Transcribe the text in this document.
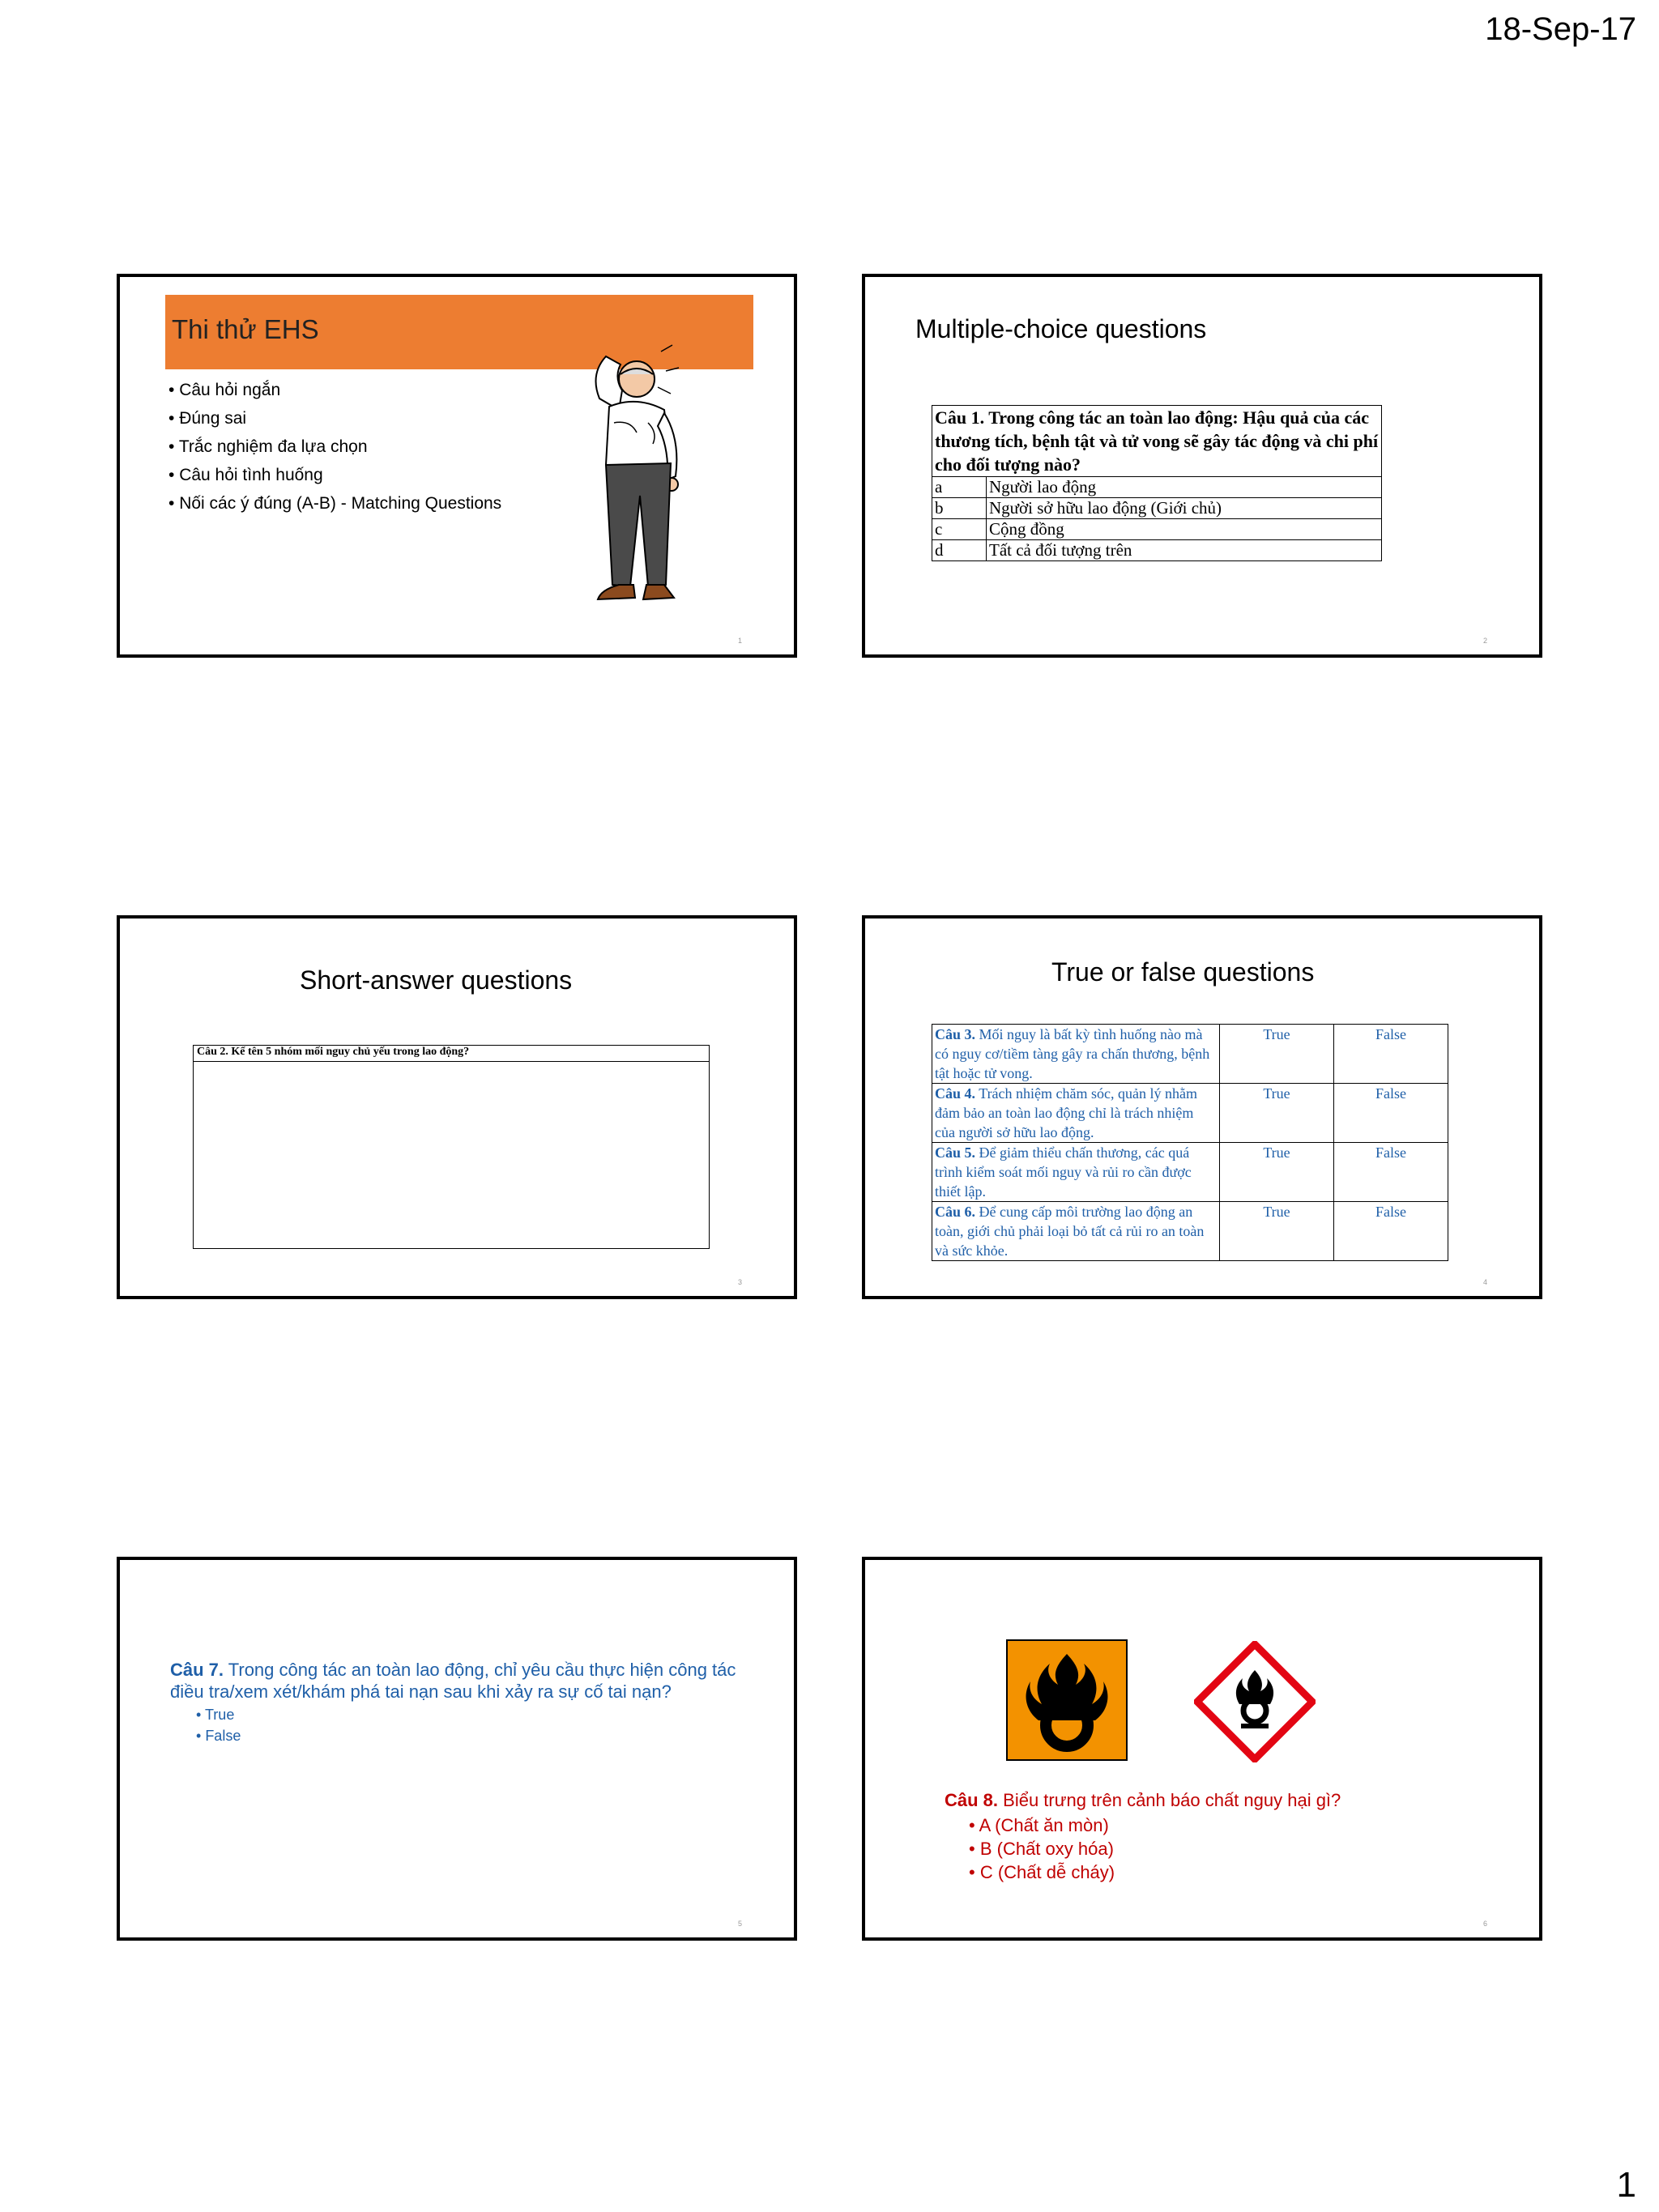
18-Sep-17
Thi thử EHS
• Câu hỏi ngắn
• Đúng sai
• Trắc nghiệm đa lựa chọn
• Câu hỏi tình huống
• Nối các ý đúng (A-B) - Matching Questions
1
Multiple-choice questions
Câu 1. Trong công tác an toàn lao động: Hậu quả của các thương tích, bệnh tật và tử vong sẽ gây tác động và chi phí cho đối tượng nào?	
a	Người lao động
b	Người sở hữu lao động (Giới chủ)
c	Cộng đồng
d	Tất cả đối tượng trên
2
Short-answer questions
Câu 2. Kể tên 5 nhóm mối nguy chủ yếu trong lao động?

3
True or false questions
Câu 3. Mối nguy là bất kỳ tình huống nào mà có nguy cơ/tiềm tàng gây ra chấn thương, bệnh tật hoặc tử vong.	True	False
Câu 4. Trách nhiệm chăm sóc, quản lý nhằm đảm bảo an toàn lao động chỉ là trách nhiệm của người sở hữu lao động.	True	False
Câu 5. Để giảm thiểu chấn thương, các quá trình kiểm soát mối nguy và rủi ro cần được thiết lập.	True	False
Câu 6. Để cung cấp môi trường lao động an toàn, giới chủ phải loại bỏ tất cả rủi ro an toàn và sức khỏe.	True	False
4
Câu 7. Trong công tác an toàn lao động, chỉ yêu cầu thực hiện công tác điều tra/xem xét/khám phá tai nạn sau khi xảy ra sự cố tai nạn?
• True
• False
5
Câu 8. Biểu trưng trên cảnh báo chất nguy hại gì?
• A (Chất ăn mòn)
• B (Chất oxy hóa)
• C (Chất dễ cháy)
6
1
